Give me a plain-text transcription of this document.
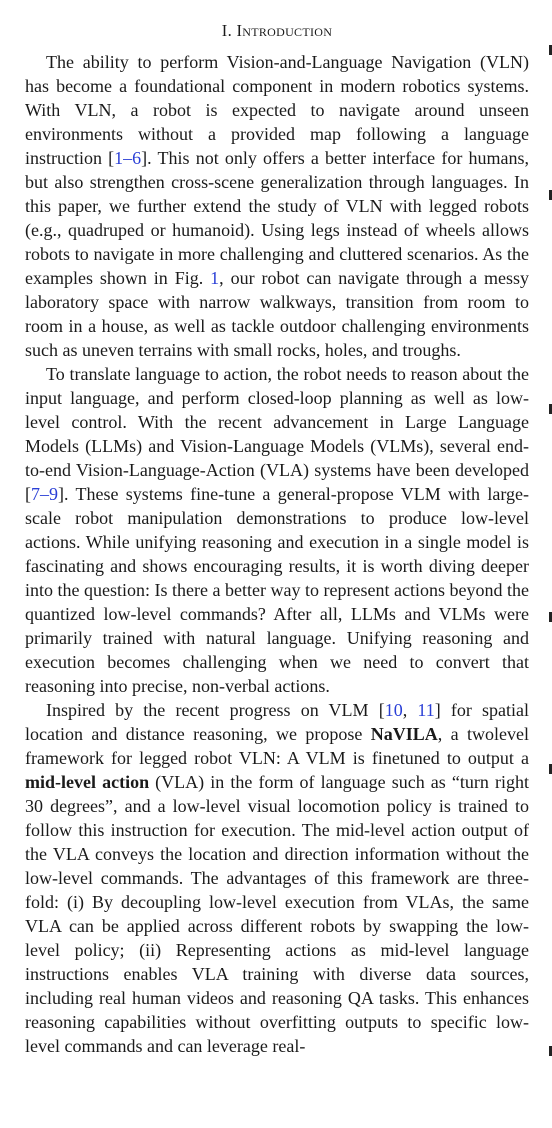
I. Introduction

The ability to perform Vision-and-Language Navigation (VLN) has become a foundational component in modern robotics systems. With VLN, a robot is expected to navigate around unseen environments without a provided map following a language instruction [1–6]. This not only offers a better interface for humans, but also strengthen cross-scene generalization through languages. In this paper, we further extend the study of VLN with legged robots (e.g., quadruped or humanoid). Using legs instead of wheels allows robots to navigate in more challenging and cluttered scenarios. As the examples shown in Fig. 1, our robot can navigate through a messy laboratory space with narrow walkways, transition from room to room in a house, as well as tackle outdoor challenging environments such as uneven terrains with small rocks, holes, and troughs.

To translate language to action, the robot needs to reason about the input language, and perform closed-loop planning as well as low-level control. With the recent advancement in Large Language Models (LLMs) and Vision-Language Models (VLMs), several end-to-end Vision-Language-Action (VLA) systems have been developed [7–9]. These systems fine-tune a general-propose VLM with large-scale robot manipulation demonstrations to produce low-level actions. While unifying reasoning and execution in a single model is fascinating and shows encouraging results, it is worth diving deeper into the question: Is there a better way to represent actions beyond the quantized low-level commands? After all, LLMs and VLMs were primarily trained with natural language. Unifying reasoning and execution becomes challenging when we need to convert that reasoning into precise, non-verbal actions.

Inspired by the recent progress on VLM [10, 11] for spatial location and distance reasoning, we propose NaVILA, a twolevel framework for legged robot VLN: A VLM is finetuned to output a mid-level action (VLA) in the form of language such as “turn right 30 degrees”, and a low-level visual locomotion policy is trained to follow this instruction for execution. The mid-level action output of the VLA conveys the location and direction information without the low-level commands. The advantages of this framework are three-fold: (i) By decoupling low-level execution from VLAs, the same VLA can be applied across different robots by swapping the low-level policy; (ii) Representing actions as mid-level language instructions enables VLA training with diverse data sources, including real human videos and reasoning QA tasks. This enhances reasoning capabilities without overfitting outputs to specific low-level commands and can leverage real-
